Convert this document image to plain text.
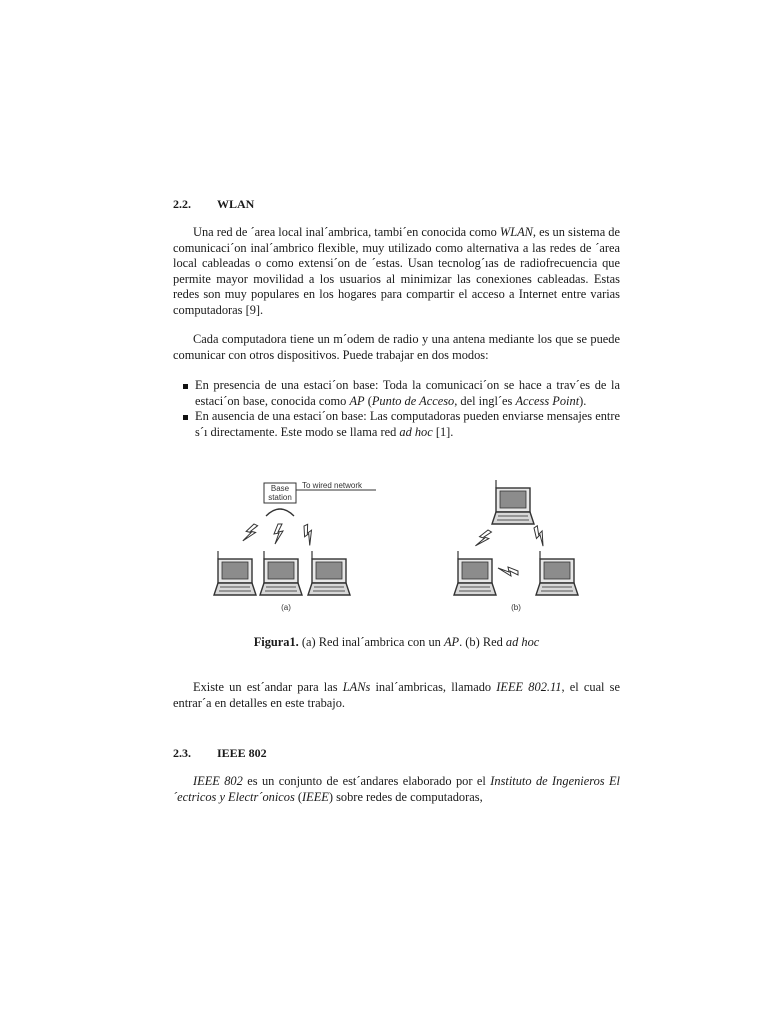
2.2. WLAN

Una red de ´area local inal´ambrica, tambi´en conocida como WLAN, es un sistema de comunicaci´on inal´ambrico flexible, muy utilizado como alternativa a las redes de ´area local cableadas o como extensi´on de ´estas. Usan tecnolog´ıas de radiofrecuencia que permite mayor movilidad a los usuarios al minimizar las conexiones cableadas. Estas redes son muy populares en los hogares para compartir el acceso a Internet entre varias computadoras [9].

Cada computadora tiene un m´odem de radio y una antena mediante los que se puede comunicar con otros dispositivos. Puede trabajar en dos modos:

En presencia de una estaci´on base: Toda la comunicaci´on se hace a trav´es de la estaci´on base, conocida como AP (Punto de Acceso, del ingl´es Access Point).
En ausencia de una estaci´on base: Las computadoras pueden enviarse mensajes entre s´ı directamente. Este modo se llama red ad hoc [1].
Base
station
To wired network
(a)	(b)
Figura1. (a) Red inal´ambrica con un AP. (b) Red ad hoc

Existe un est´andar para las LANs inal´ambricas, llamado IEEE 802.11, el cual se entrar´a en detalles en este trabajo.

2.3. IEEE 802

IEEE 802 es un conjunto de est´andares elaborado por el Instituto de Ingenieros El´ectricos y Electr´onicos (IEEE) sobre redes de computadoras,
